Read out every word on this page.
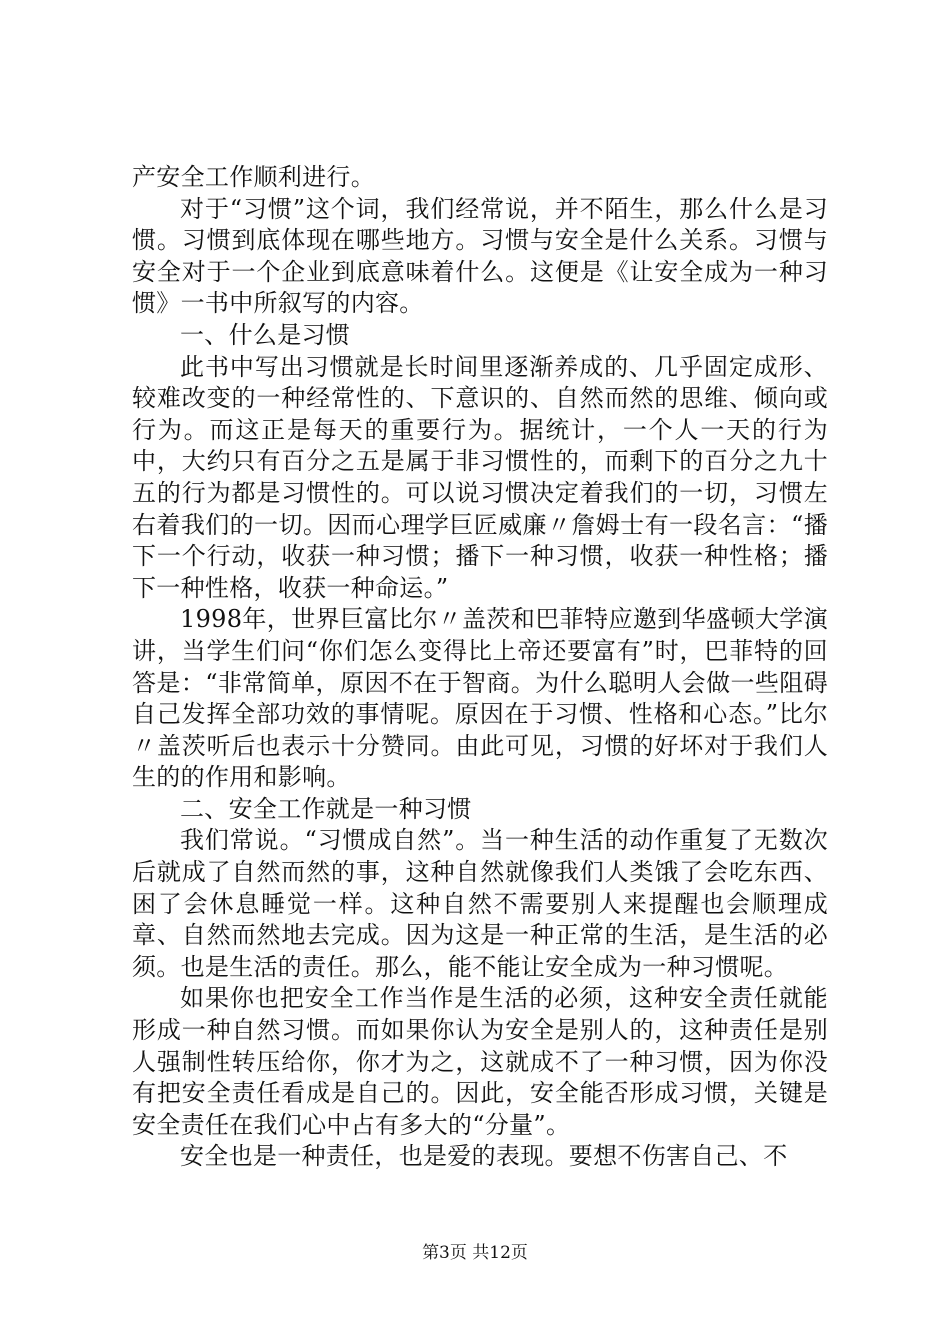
产安全工作顺利进行。

对于“习惯”这个词，我们经常说，并不陌生，那么什么是习惯。习惯到底体现在哪些地方。习惯与安全是什么关系。习惯与安全对于一个企业到底意味着什么。这便是《让安全成为一种习惯》一书中所叙写的内容。

一、什么是习惯

此书中写出习惯就是长时间里逐渐养成的、几乎固定成形、较难改变的一种经常性的、下意识的、自然而然的思维、倾向或行为。而这正是每天的重要行为。据统计，一个人一天的行为中，大约只有百分之五是属于非习惯性的，而剩下的百分之九十五的行为都是习惯性的。可以说习惯决定着我们的一切，习惯左右着我们的一切。因而心理学巨匠威廉〃詹姆士有一段名言：“播下一个行动，收获一种习惯；播下一种习惯，收获一种性格；播下一种性格，收获一种命运。”

1998年，世界巨富比尔〃盖茨和巴菲特应邀到华盛顿大学演讲，当学生们问“你们怎么变得比上帝还要富有”时，巴菲特的回答是：“非常简单，原因不在于智商。为什么聪明人会做一些阻碍自己发挥全部功效的事情呢。原因在于习惯、性格和心态。”比尔〃盖茨听后也表示十分赞同。由此可见，习惯的好坏对于我们人生的的作用和影响。

二、安全工作就是一种习惯

我们常说。“习惯成自然”。当一种生活的动作重复了无数次后就成了自然而然的事，这种自然就像我们人类饿了会吃东西、困了会休息睡觉一样。这种自然不需要别人来提醒也会顺理成章、自然而然地去完成。因为这是一种正常的生活，是生活的必须。也是生活的责任。那么，能不能让安全成为一种习惯呢。

如果你也把安全工作当作是生活的必须，这种安全责任就能形成一种自然习惯。而如果你认为安全是别人的，这种责任是别人强制性转压给你，你才为之，这就成不了一种习惯，因为你没有把安全责任看成是自己的。因此，安全能否形成习惯，关键是安全责任在我们心中占有多大的“分量”。

安全也是一种责任，也是爱的表现。要想不伤害自己、不

第3页 共12页
